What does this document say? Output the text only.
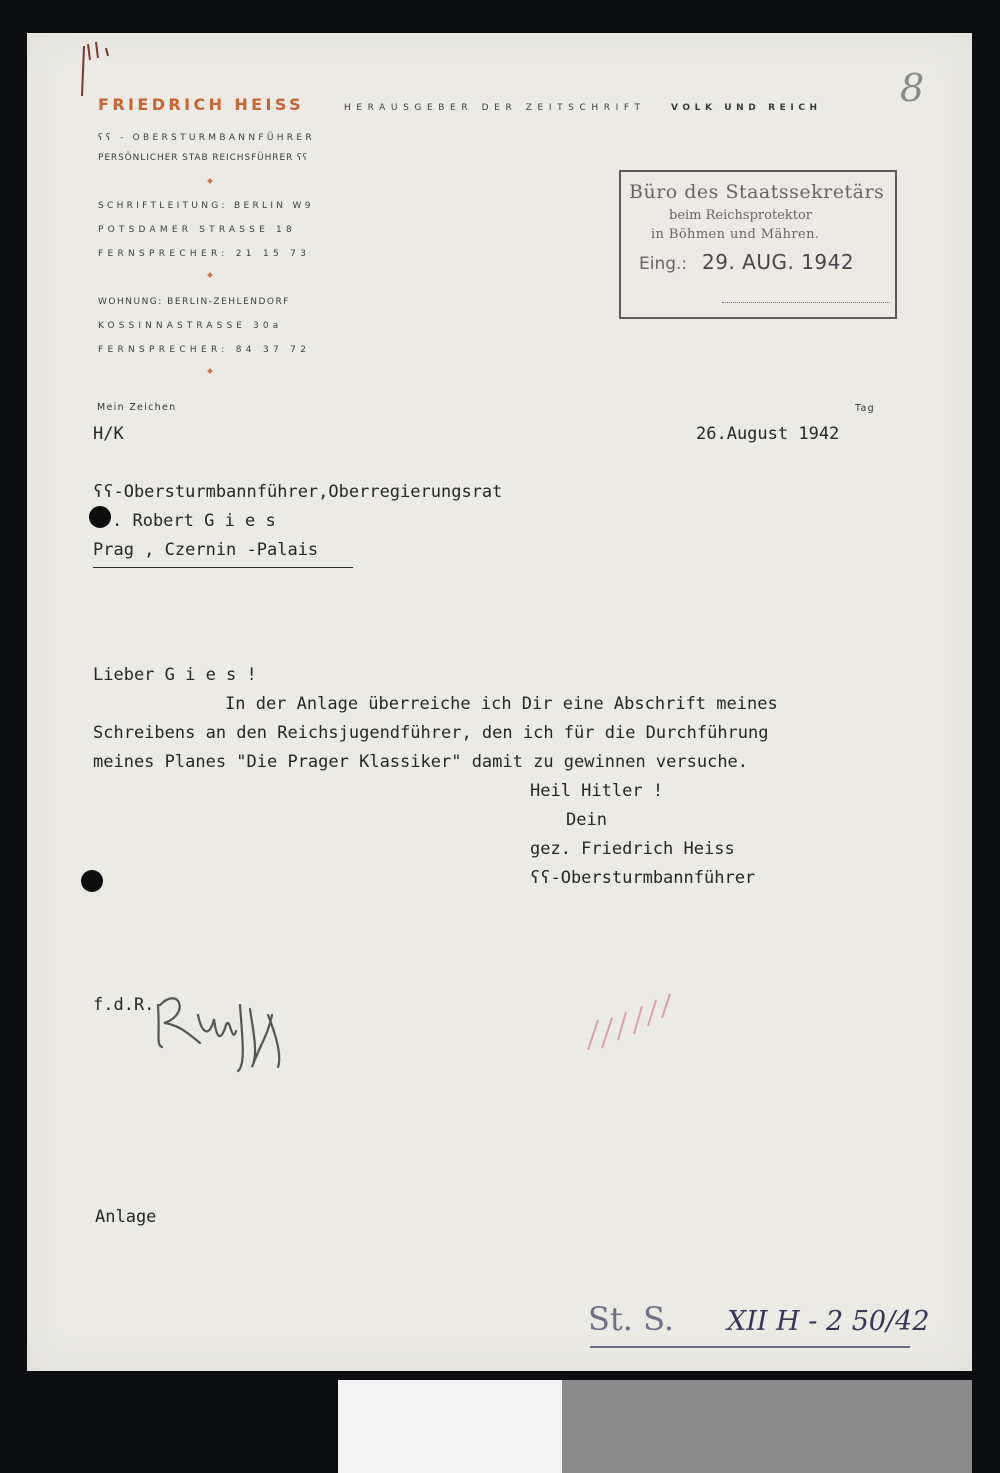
FRIEDRICH HEISS	HERAUSGEBER DER ZEITSCHRIFT	VOLK UND REICH
ʕʕ - OBERSTURMBANNFÜHRER
PERSÖNLICHER STAB REICHSFÜHRER ʕʕ
SCHRIFTLEITUNG: BERLIN W9
POTSDAMER STRASSE 18
FERNSPRECHER: 21 15 73
WOHNUNG: BERLIN-ZEHLENDORF
KOSSINNASTRASSE 30a
FERNSPRECHER: 84 37 72
8
Büro des Staatssekretärs
beim Reichsprotektor
in Böhmen und Mähren.
Eing.: 29. AUG. 1942
Mein Zeichen
H/K
Tag
26.August 1942
ʕʕ-Obersturmbannführer,Oberregierungsrat
. Robert G i e s
Prag , Czernin -Palais
Lieber G i e s !
In der Anlage überreiche ich Dir eine Abschrift meines
Schreibens an den Reichsjugendführer, den ich für die Durchführung
meines Planes "Die Prager Klassiker" damit zu gewinnen versuche.
Heil Hitler !
Dein
gez. Friedrich Heiss
ʕʕ-Obersturmbannführer
f.d.R.
Anlage
St. S. XII H - 2 50/42
